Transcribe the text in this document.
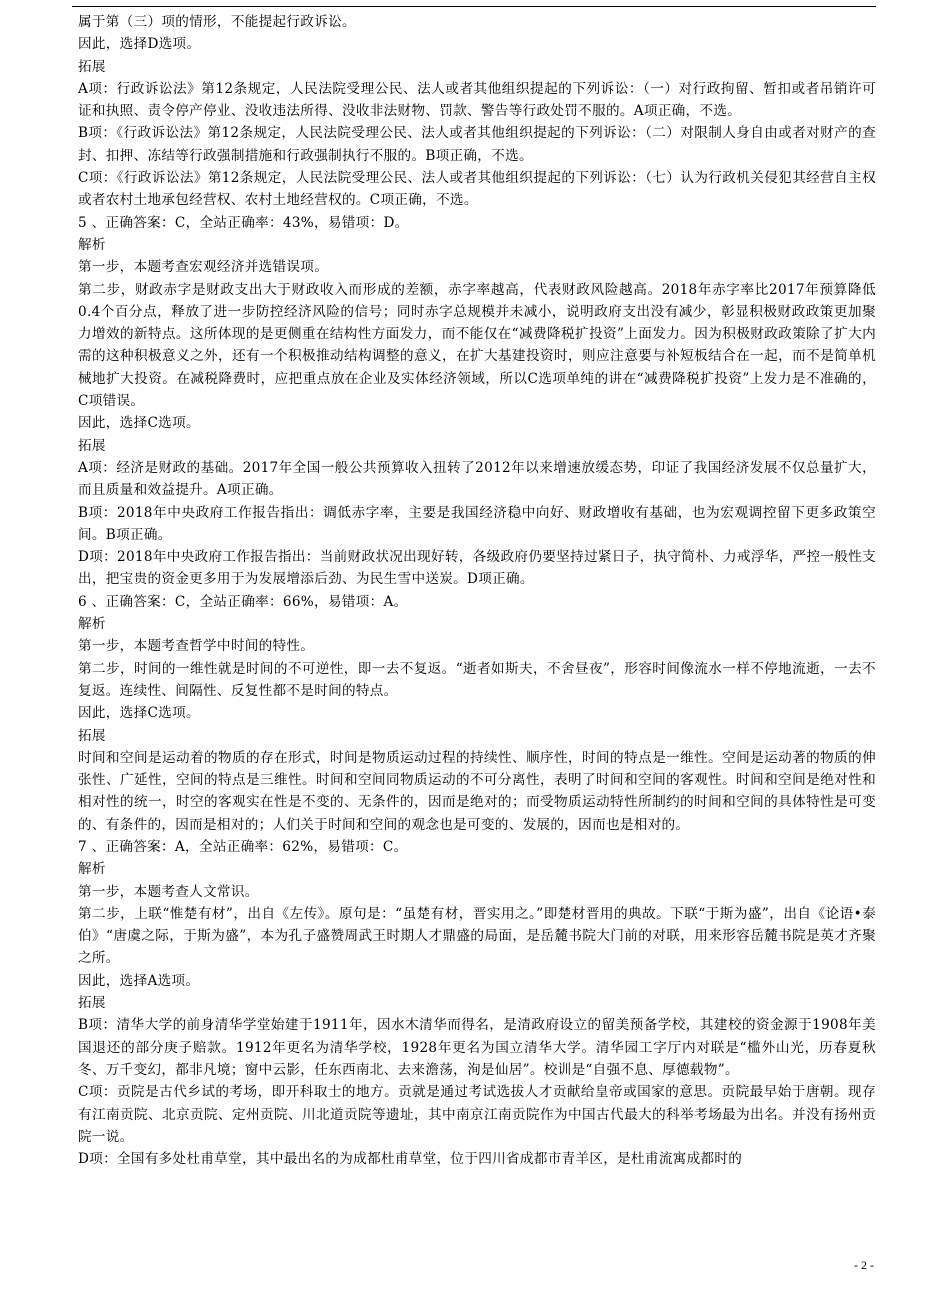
属于第（三）项的情形，不能提起行政诉讼。

因此，选择D选项。

拓展

A项：行政诉讼法》第12条规定，人民法院受理公民、法人或者其他组织提起的下列诉讼：（一）对行政拘留、暂扣或者吊销许可证和执照、责令停产停业、没收违法所得、没收非法财物、罚款、警告等行政处罚不服的。A项正确，不选。

B项：《行政诉讼法》第12条规定，人民法院受理公民、法人或者其他组织提起的下列诉讼：（二）对限制人身自由或者对财产的查封、扣押、冻结等行政强制措施和行政强制执行不服的。B项正确，不选。

C项：《行政诉讼法》第12条规定，人民法院受理公民、法人或者其他组织提起的下列诉讼：（七）认为行政机关侵犯其经营自主权或者农村土地承包经营权、农村土地经营权的。C项正确，不选。

5 、正确答案：C，全站正确率：43%，易错项：D。

解析

第一步，本题考查宏观经济并选错误项。

第二步，财政赤字是财政支出大于财政收入而形成的差额，赤字率越高，代表财政风险越高。2018年赤字率比2017年预算降低0.4个百分点，释放了进一步防控经济风险的信号；同时赤字总规模并未减小，说明政府支出没有减少，彰显积极财政政策更加聚力增效的新特点。这所体现的是更侧重在结构性方面发力，而不能仅在“减费降税扩投资”上面发力。因为积极财政政策除了扩大内需的这种积极意义之外，还有一个积极推动结构调整的意义，在扩大基建投资时，则应注意要与补短板结合在一起，而不是简单机械地扩大投资。在减税降费时，应把重点放在企业及实体经济领域，所以C选项单纯的讲在“减费降税扩投资”上发力是不准确的，C项错误。

因此，选择C选项。

拓展

A项：经济是财政的基础。2017年全国一般公共预算收入扭转了2012年以来增速放缓态势，印证了我国经济发展不仅总量扩大，而且质量和效益提升。A项正确。

B项：2018年中央政府工作报告指出：调低赤字率，主要是我国经济稳中向好、财政增收有基础，也为宏观调控留下更多政策空间。B项正确。

D项：2018年中央政府工作报告指出：当前财政状况出现好转，各级政府仍要坚持过紧日子，执守简朴、力戒浮华，严控一般性支出，把宝贵的资金更多用于为发展增添后劲、为民生雪中送炭。D项正确。

6 、正确答案：C，全站正确率：66%，易错项：A。

解析

第一步，本题考查哲学中时间的特性。

第二步，时间的一维性就是时间的不可逆性，即一去不复返。“逝者如斯夫，不舍昼夜”，形容时间像流水一样不停地流逝，一去不复返。连续性、间隔性、反复性都不是时间的特点。

因此，选择C选项。

拓展

时间和空间是运动着的物质的存在形式，时间是物质运动过程的持续性、顺序性，时间的特点是一维性。空间是运动著的物质的伸张性、广延性，空间的特点是三维性。时间和空间同物质运动的不可分离性，表明了时间和空间的客观性。时间和空间是绝对性和相对性的统一，时空的客观实在性是不变的、无条件的，因而是绝对的；而受物质运动特性所制约的时间和空间的具体特性是可变的、有条件的，因而是相对的；人们关于时间和空间的观念也是可变的、发展的，因而也是相对的。

7 、正确答案：A，全站正确率：62%，易错项：C。

解析

第一步，本题考查人文常识。

第二步，上联“惟楚有材”，出自《左传》。原句是：“虽楚有材，晋实用之。”即楚材晋用的典故。下联“于斯为盛”，出自《论语•泰伯》“唐虞之际，于斯为盛”，本为孔子盛赞周武王时期人才鼎盛的局面，是岳麓书院大门前的对联，用来形容岳麓书院是英才齐聚之所。

因此，选择A选项。

拓展

B项：清华大学的前身清华学堂始建于1911年，因水木清华而得名，是清政府设立的留美预备学校，其建校的资金源于1908年美国退还的部分庚子赔款。1912年更名为清华学校，1928年更名为国立清华大学。清华园工字厅内对联是“槛外山光，历春夏秋冬、万千变幻，都非凡境；窗中云影，任东西南北、去来澹荡，洵是仙居”。校训是“自强不息、厚德载物”。

C项：贡院是古代乡试的考场，即开科取士的地方。贡就是通过考试选拔人才贡献给皇帝或国家的意思。贡院最早始于唐朝。现存有江南贡院、北京贡院、定州贡院、川北道贡院等遗址，其中南京江南贡院作为中国古代最大的科举考场最为出名。并没有扬州贡院一说。

D项：全国有多处杜甫草堂，其中最出名的为成都杜甫草堂，位于四川省成都市青羊区，是杜甫流寓成都时的

- 2 -
